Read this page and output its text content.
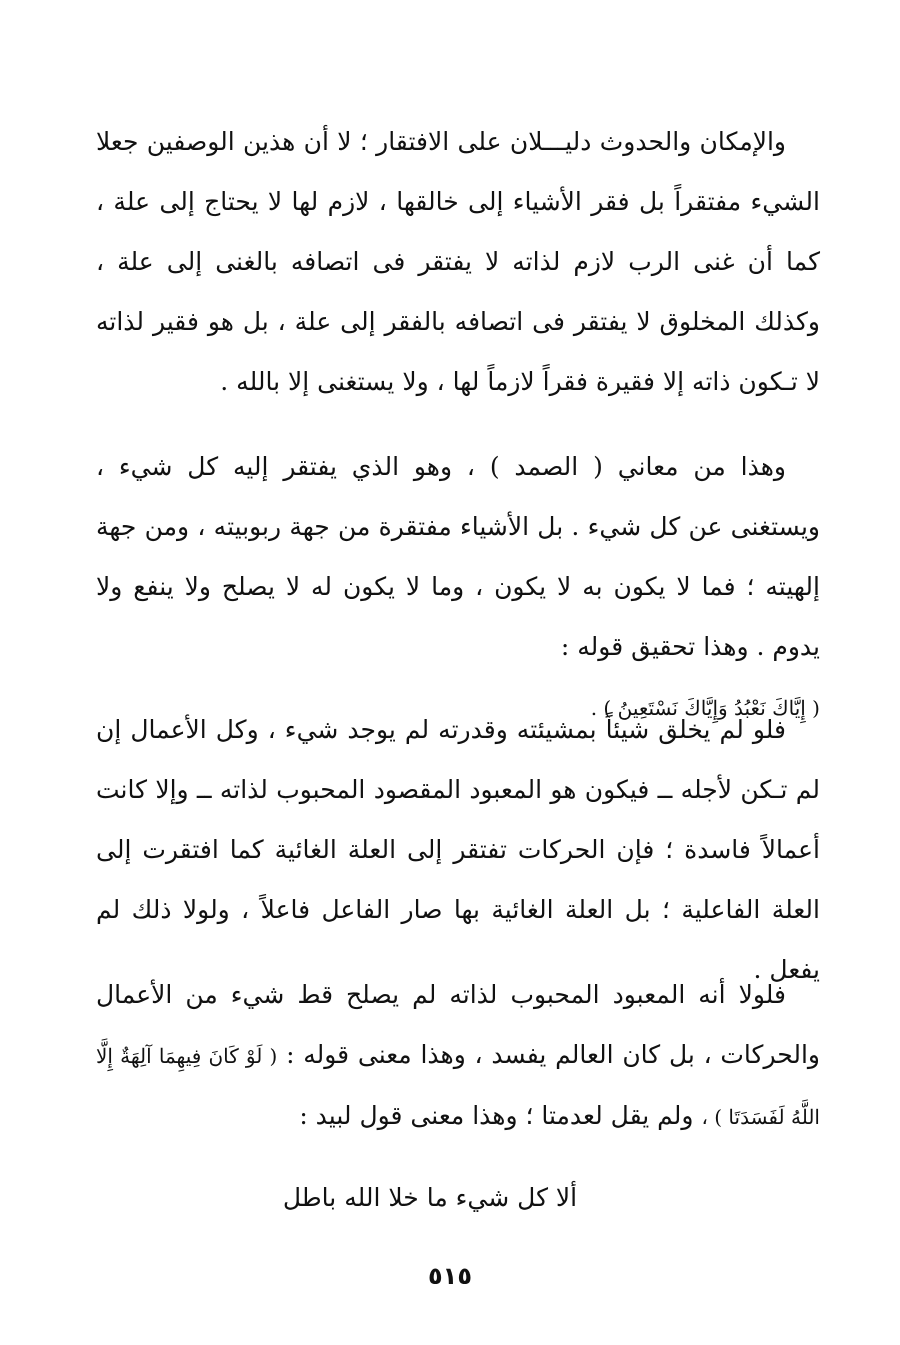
والإمكان والحدوث دليـــلان على الافتقار ؛ لا أن هذين الوصفين جعلا الشيء مفتقراً بل فقر الأشياء إلى خالقها ، لازم لها لا يحتاج إلى علة ، كما أن غنى الرب لازم لذاته لا يفتقر فى اتصافه بالغنى إلى علة ، وكذلك المخلوق لا يفتقر فى اتصافه بالفقر إلى علة ، بل هو فقير لذاته لا تـكون ذاته إلا فقيرة فقراً لازماً لها ، ولا يستغنى إلا بالله .

وهذا من معاني ( الصمد ) ، وهو الذي يفتقر إليه كل شيء ، ويستغنى عن كل شيء . بل الأشياء مفتقرة من جهة ربوبيته ، ومن جهة إلهيته ؛ فما لا يكون به لا يكون ، وما لا يكون له لا يصلح ولا ينفع ولا يدوم . وهذا تحقيق قوله :
( إِيَّاكَ نَعْبُدُ وَإِيَّاكَ نَسْتَعِينُ ) .

فلو لم يخلق شيئاً بمشيئته وقدرته لم يوجد شيء ، وكل الأعمال إن لم تـكن لأجله ــ فيكون هو المعبود المقصود المحبوب لذاته ــ وإلا كانت أعمالاً فاسدة ؛ فإن الحركات تفتقر إلى العلة الغائية كما افتقرت إلى العلة الفاعلية ؛ بل العلة الغائية بها صار الفاعل فاعلاً ، ولولا ذلك لم يفعل .

فلولا أنه المعبود المحبوب لذاته لم يصلح قط شيء من الأعمال والحركات ، بل كان العالم يفسد ، وهذا معنى قوله : ( لَوْ كَانَ فِيهِمَا آلِهَةٌ إِلَّا اللَّهُ لَفَسَدَتَا ) ، ولم يقل لعدمتا ؛ وهذا معنى قول لبيد :

ألا كل شيء ما خلا الله باطل
٥١٥
